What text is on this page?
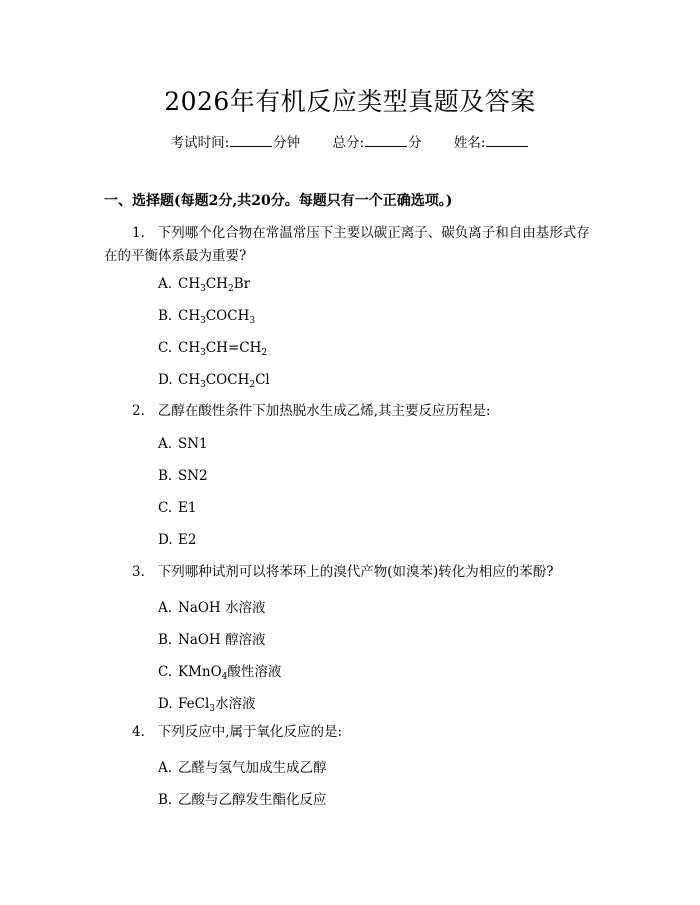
2026年有机反应类型真题及答案
考试时间:	分钟 总分:	分 姓名:
一、选择题(每题2分,共20分。每题只有一个正确选项。)
1. 下列哪个化合物在常温常压下主要以碳正离子、碳负离子和自由基形式存
在的平衡体系最为重要?
A. $CH_3CH_2Br$
B. $CH_3COCH_3$
C. $CH_3CH=CH_2$
D. $CH_3COCH_2Cl$
2. 乙醇在酸性条件下加热脱水生成乙烯,其主要反应历程是:
A. SN1
B. SN2
C. E1
D. E2
3. 下列哪种试剂可以将苯环上的溴代产物(如溴苯)转化为相应的苯酚?
A. NaOH 水溶液
B. NaOH 醇溶液
C. KMnO$_4$酸性溶液
D. FeCl$_3$水溶液
4. 下列反应中,属于氧化反应的是:
A. 乙醛与氢气加成生成乙醇
B. 乙酸与乙醇发生酯化反应
